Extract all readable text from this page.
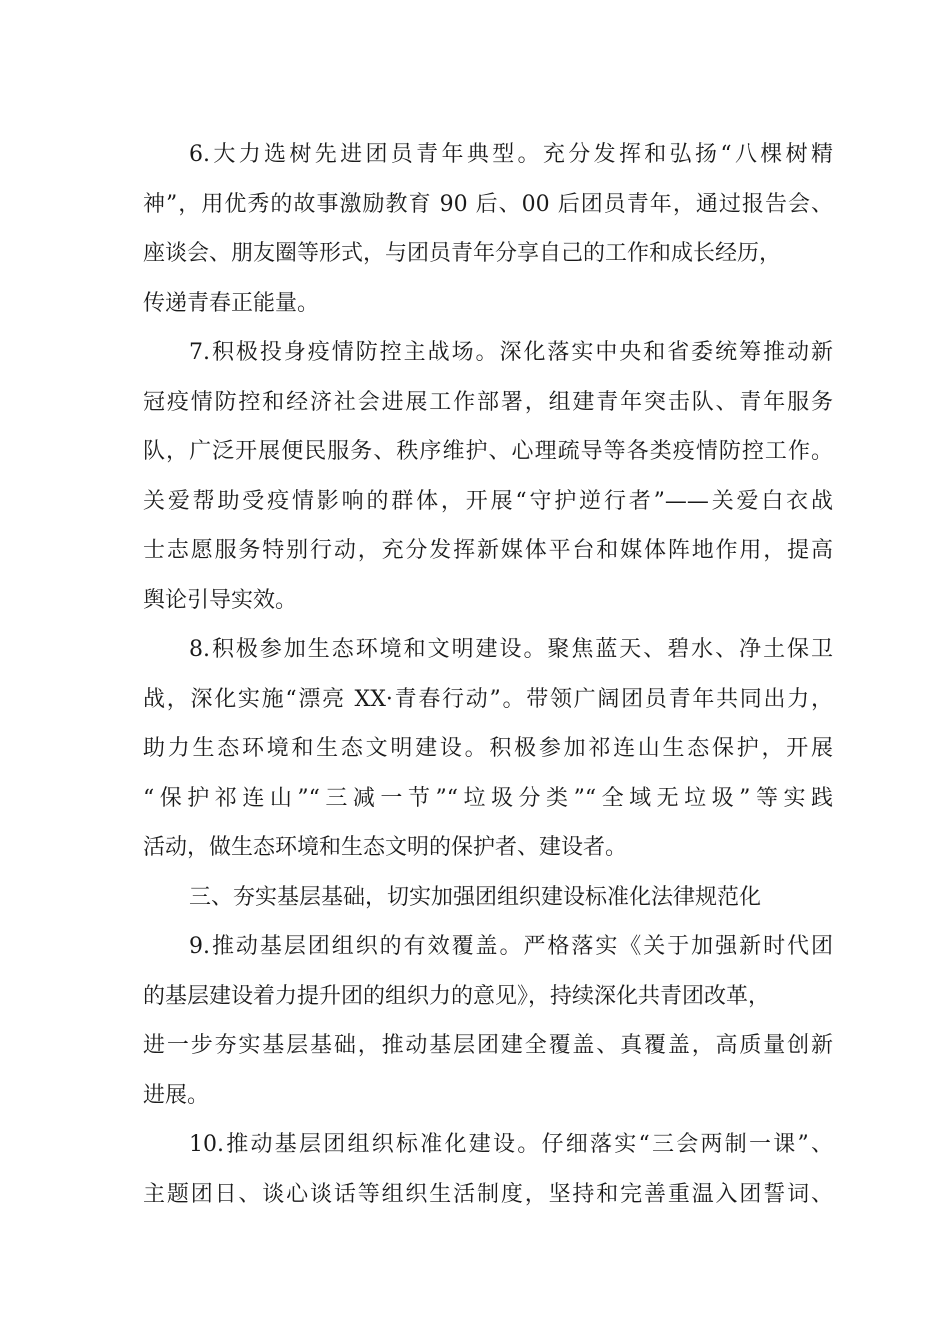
6.大力选树先进团员青年典型。充分发挥和弘扬“八棵树精
神”，用优秀的故事激励教育 90 后、00 后团员青年，通过报告会、
座谈会、朋友圈等形式，与团员青年分享自己的工作和成长经历，
传递青春正能量。
7.积极投身疫情防控主战场。深化落实中央和省委统筹推动新
冠疫情防控和经济社会进展工作部署，组建青年突击队、青年服务
队，广泛开展便民服务、秩序维护、心理疏导等各类疫情防控工作。
关爱帮助受疫情影响的群体，开展“守护逆行者”——关爱白衣战
士志愿服务特别行动，充分发挥新媒体平台和媒体阵地作用，提高
舆论引导实效。
8.积极参加生态环境和文明建设。聚焦蓝天、碧水、净土保卫
战，深化实施“漂亮 XX·青春行动”。带领广阔团员青年共同出力，
助力生态环境和生态文明建设。积极参加祁连山生态保护，开展
“保护祁连山”“三减一节”“垃圾分类”“全域无垃圾”等实践
活动，做生态环境和生态文明的保护者、建设者。
三、夯实基层基础，切实加强团组织建设标准化法律规范化
9.推动基层团组织的有效覆盖。严格落实《关于加强新时代团
的基层建设着力提升团的组织力的意见》，持续深化共青团改革，
进一步夯实基层基础，推动基层团建全覆盖、真覆盖，高质量创新
进展。
10.推动基层团组织标准化建设。仔细落实“三会两制一课”、
主题团日、谈心谈话等组织生活制度，坚持和完善重温入团誓词、
